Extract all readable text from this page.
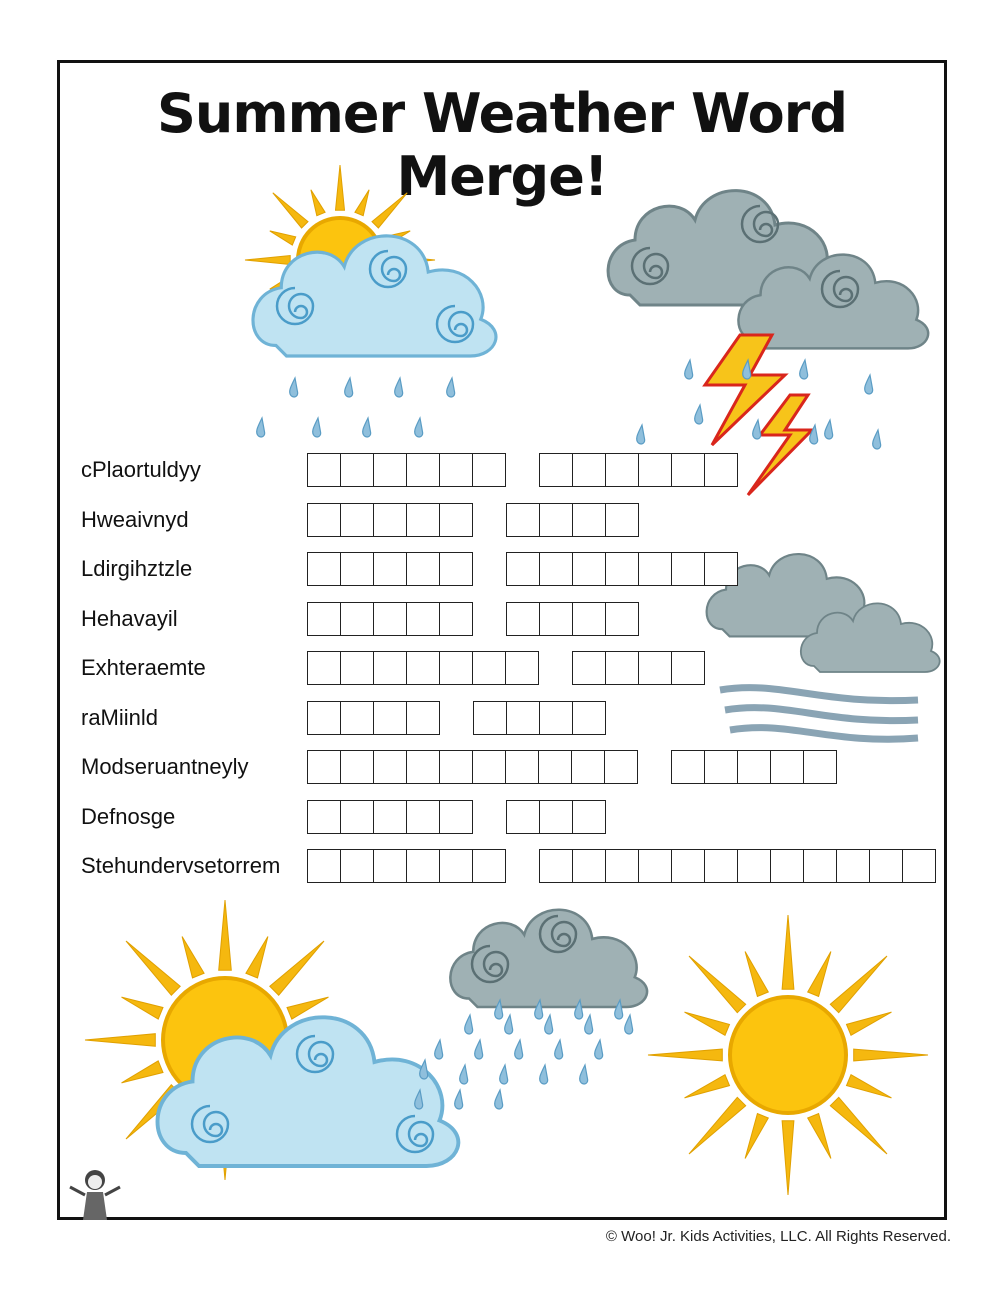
Summer Weather Word Merge!
cPlaortuldyy
Hweaivnyd
Ldirgihztzle
Hehavayil
Exhteraemte
raMiinld
Modseruantneyly
Defnosge
Stehundervsetorrem
© Woo! Jr. Kids Activities, LLC. All Rights Reserved.
